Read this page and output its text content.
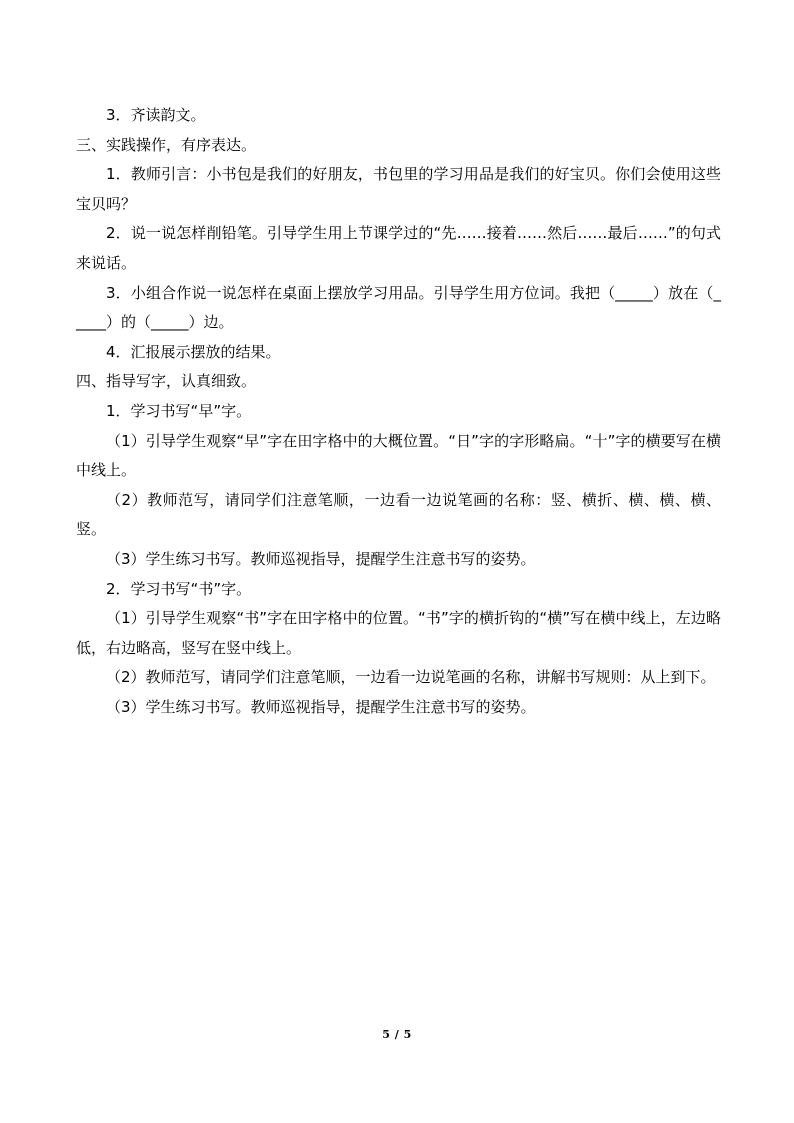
3．齐读韵文。

三、实践操作，有序表达。

1．教师引言：小书包是我们的好朋友，书包里的学习用品是我们的好宝贝。你们会使用这些宝贝吗？

2．说一说怎样削铅笔。引导学生用上节课学过的“先……接着……然后……最后……”的句式来说话。

3．小组合作说一说怎样在桌面上摆放学习用品。引导学生用方位词。我把（_____）放在（_____）的（_____）边。

4．汇报展示摆放的结果。

四、指导写字，认真细致。

1．学习书写“早”字。

（1）引导学生观察“早”字在田字格中的大概位置。“日”字的字形略扁。“十”字的横要写在横中线上。

（2）教师范写，请同学们注意笔顺，一边看一边说笔画的名称：竖、横折、横、横、横、竖。

（3）学生练习书写。教师巡视指导，提醒学生注意书写的姿势。

2．学习书写“书”字。

（1）引导学生观察“书”字在田字格中的位置。“书”字的横折钩的“横”写在横中线上，左边略低，右边略高，竖写在竖中线上。

（2）教师范写，请同学们注意笔顺，一边看一边说笔画的名称，讲解书写规则：从上到下。

（3）学生练习书写。教师巡视指导，提醒学生注意书写的姿势。

5 / 5
